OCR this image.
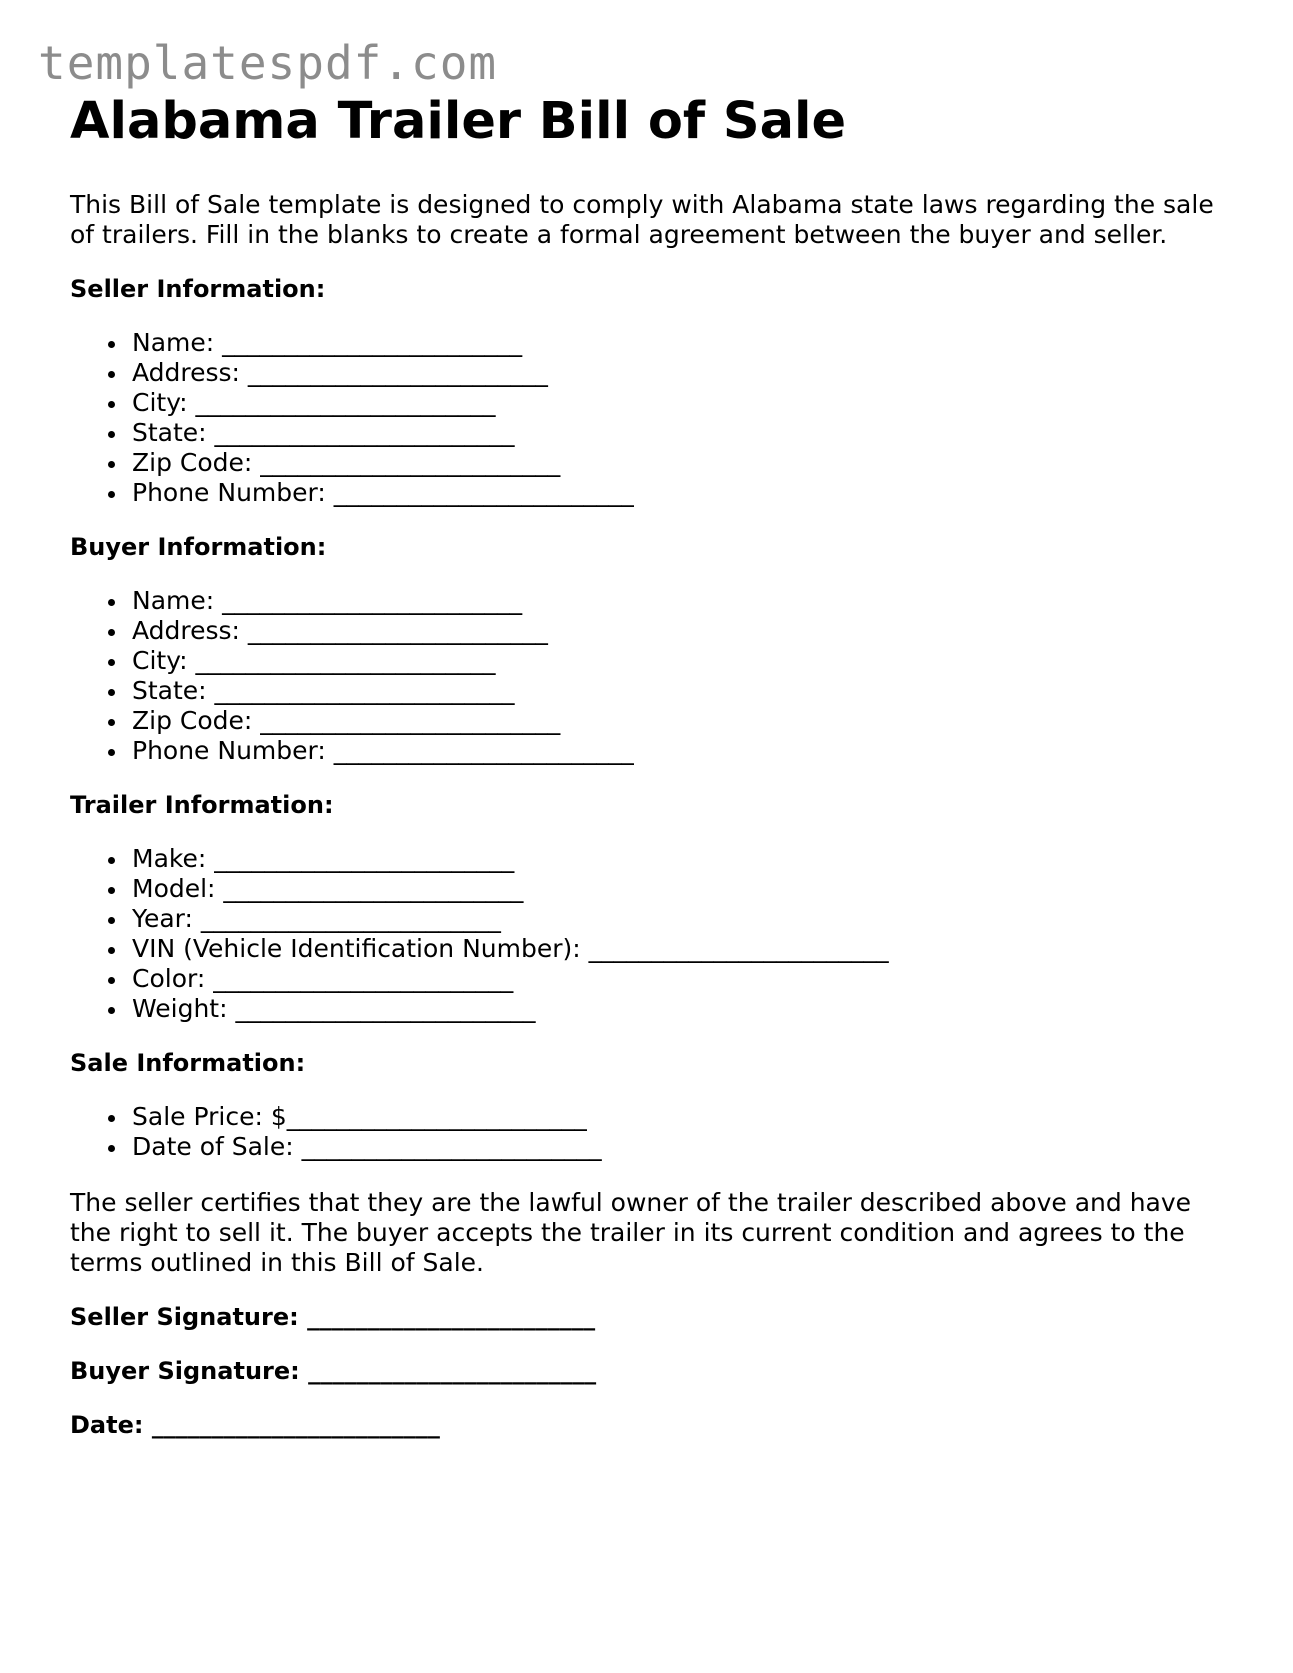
templatespdf.com
Alabama Trailer Bill of Sale

This Bill of Sale template is designed to comply with Alabama state laws regarding the sale of trailers. Fill in the blanks to create a formal agreement between the buyer and seller.

Seller Information:
Name: ________________________
Address: ________________________
City: ________________________
State: ________________________
Zip Code: ________________________
Phone Number: ________________________
Buyer Information:
Name: ________________________
Address: ________________________
City: ________________________
State: ________________________
Zip Code: ________________________
Phone Number: ________________________
Trailer Information:
Make: ________________________
Model: ________________________
Year: ________________________
VIN (Vehicle Identification Number): ________________________
Color: ________________________
Weight: ________________________
Sale Information:
Sale Price: $________________________
Date of Sale: ________________________

The seller certifies that they are the lawful owner of the trailer described above and have the right to sell it. The buyer accepts the trailer in its current condition and agrees to the terms outlined in this Bill of Sale.

Seller Signature: ________________________
Buyer Signature: ________________________
Date: ________________________
